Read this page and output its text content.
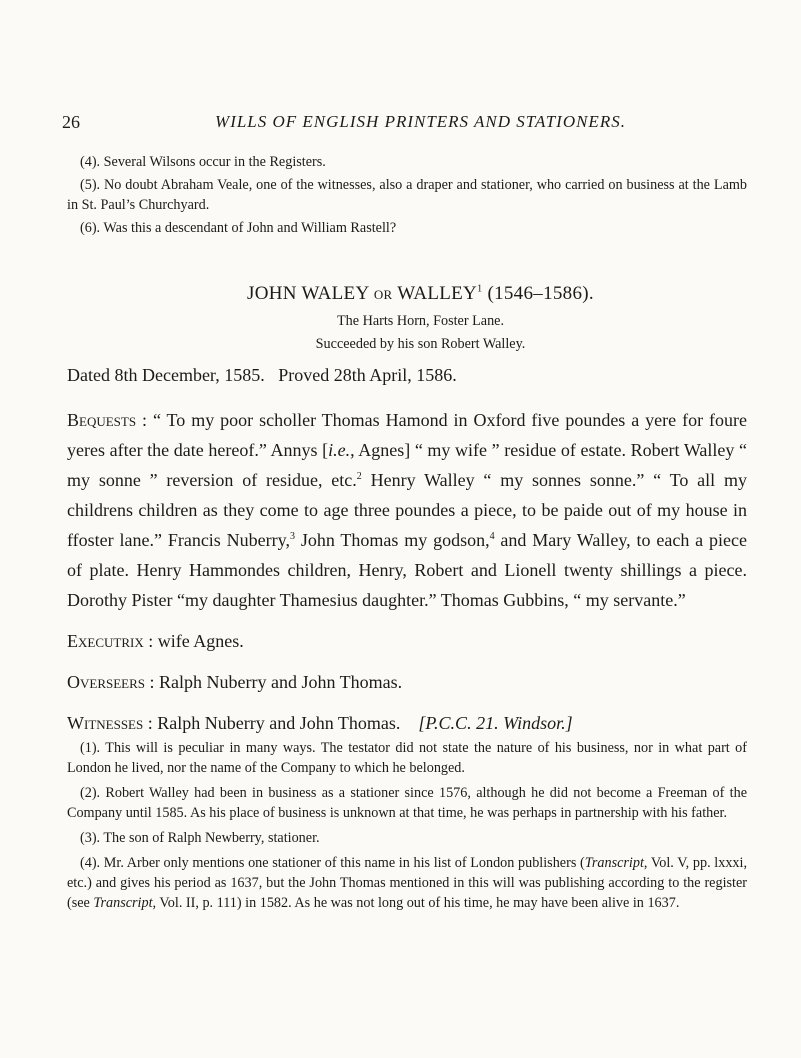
26	WILLS OF ENGLISH PRINTERS AND STATIONERS.

(4). Several Wilsons occur in the Registers.

(5). No doubt Abraham Veale, one of the witnesses, also a draper and stationer, who carried on business at the Lamb in St. Paul’s Churchyard.

(6). Was this a descendant of John and William Rastell?

JOHN WALEY or WALLEY$^1$ (1546–1586).
The Harts Horn, Foster Lane.
Succeeded by his son Robert Walley.
Dated 8th December, 1585.   Proved 28th April, 1586.

Bequests : “ To my poor scholler Thomas Hamond in Oxford five poundes a yere for foure yeres after the date hereof.” Annys [i.e., Agnes] “ my wife ” residue of estate. Robert Walley “ my sonne ” reversion of residue, etc.$^2$ Henry Walley “ my sonnes sonne.” “ To all my childrens children as they come to age three poundes a piece, to be paide out of my house in ffoster lane.” Francis Nuberry,$^3$ John Thomas my godson,$^4$ and Mary Walley, to each a piece of plate. Henry Hammondes children, Henry, Robert and Lionell twenty shillings a piece. Dorothy Pister “my daughter Thamesius daughter.” Thomas Gubbins, “ my servante.”

Executrix : wife Agnes.

Overseers : Ralph Nuberry and John Thomas.

Witnesses : Ralph Nuberry and John Thomas. [P.C.C. 21. Windsor.]

(1). This will is peculiar in many ways. The testator did not state the nature of his business, nor in what part of London he lived, nor the name of the Company to which he belonged.

(2). Robert Walley had been in business as a stationer since 1576, although he did not become a Freeman of the Company until 1585. As his place of business is unknown at that time, he was perhaps in partnership with his father.

(3). The son of Ralph Newberry, stationer.

(4). Mr. Arber only mentions one stationer of this name in his list of London publishers (Transcript, Vol. V, pp. lxxxi, etc.) and gives his period as 1637, but the John Thomas mentioned in this will was publishing according to the register (see Transcript, Vol. II, p. 111) in 1582. As he was not long out of his time, he may have been alive in 1637.
